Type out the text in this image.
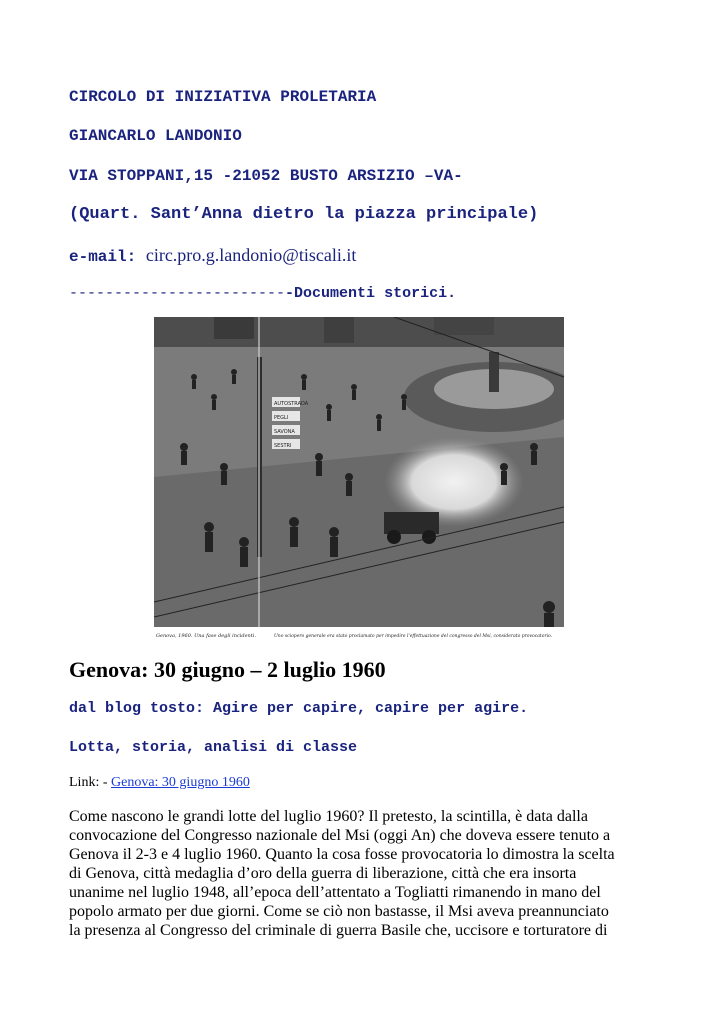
CIRCOLO DI INIZIATIVA PROLETARIA
GIANCARLO LANDONIO
VIA STOPPANI,15 -21052 BUSTO ARSIZIO –VA-
(Quart. Sant’Anna dietro la piazza principale)
e-mail: circ.pro.g.landonio@tiscali.it
-------------------------Documenti storici.
AUTOSTRADA
PEGLI
SAVONA
SESTRI
Genova, 1960. Una fase degli incidenti.	Uno sciopero generale era stato proclamato per impedire l'effettuazione del congresso del Msi, considerato provocatorio.
Genova: 30 giugno – 2 luglio 1960
dal blog tosto: Agire per capire, capire per agire.
Lotta, storia, analisi di classe
Link: - Genova: 30 giugno 1960
Come nascono le grandi lotte del luglio 1960? Il pretesto, la scintilla, è data dalla
convocazione del Congresso nazionale del Msi (oggi An) che doveva essere tenuto a
Genova il 2-3 e 4 luglio 1960. Quanto la cosa fosse provocatoria lo dimostra la scelta
di Genova, città medaglia d’oro della guerra di liberazione, città che era insorta
unanime nel luglio 1948, all’epoca dell’attentato a Togliatti rimanendo in mano del
popolo armato per due giorni. Come se ciò non bastasse, il Msi aveva preannunciato
la presenza al Congresso del criminale di guerra Basile che, uccisore e torturatore di
